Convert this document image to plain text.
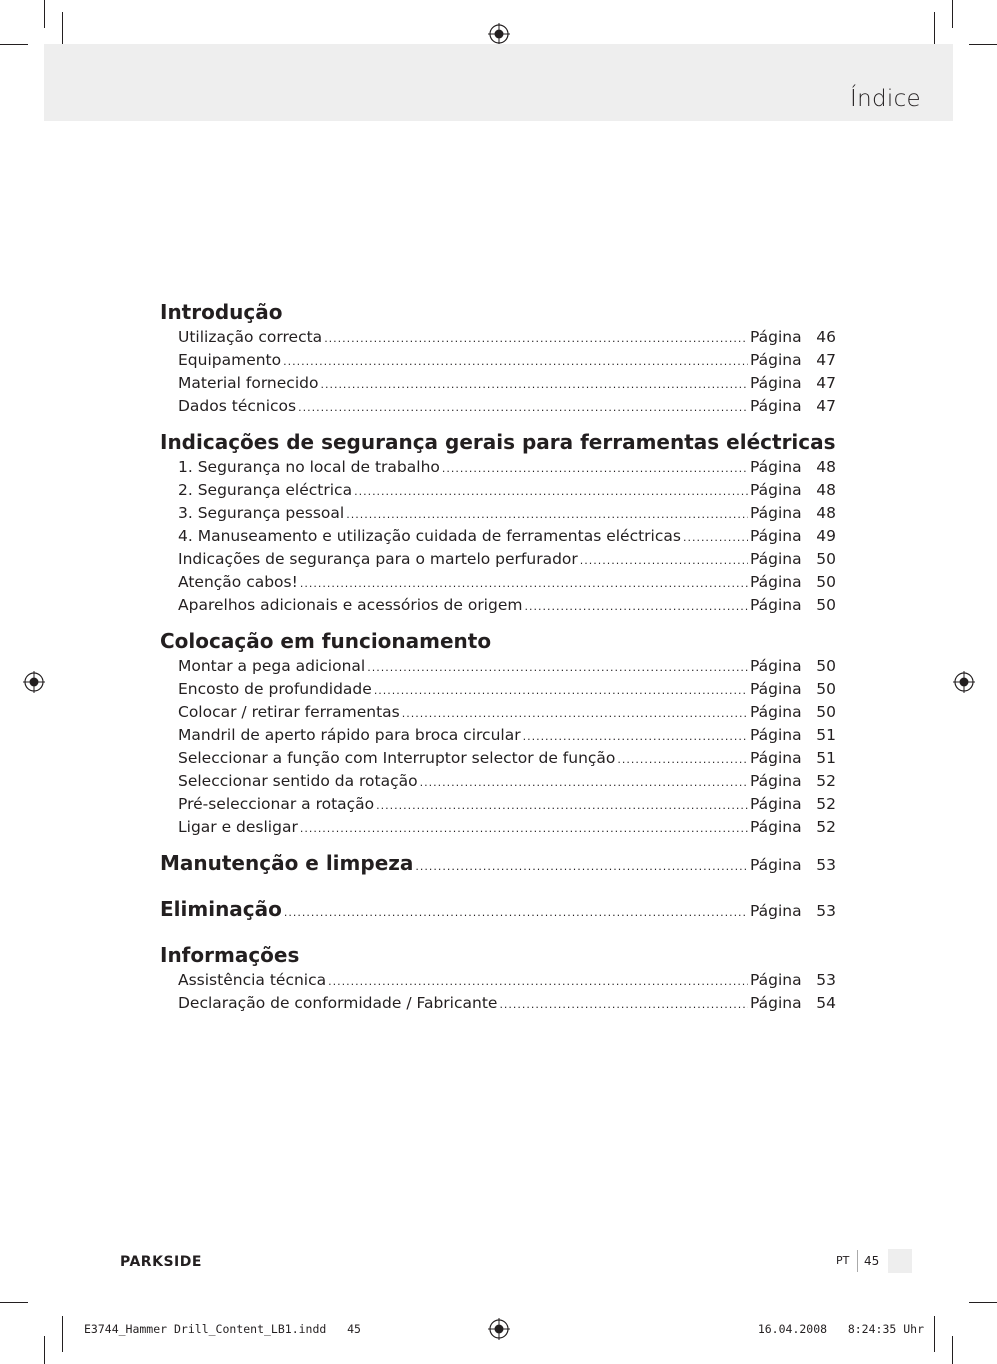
Índice
Introdução
Utilização correcta .....	Página 46
Equipamento .....	Página 47
Material fornecido .....	Página 47
Dados técnicos .....	Página 47
Indicações de segurança gerais para ferramentas eléctricas
1. Segurança no local de trabalho .....	Página 48
2. Segurança eléctrica .....	Página 48
3. Segurança pessoal .....	Página 48
4. Manuseamento e utilização cuidada de ferramentas eléctricas .....	Página 49
Indicações de segurança para o martelo perfurador .....	Página 50
Atenção cabos! .....	Página 50
Aparelhos adicionais e acessórios de origem .....	Página 50
Colocação em funcionamento
Montar a pega adicional .....	Página 50
Encosto de profundidade .....	Página 50
Colocar / retirar ferramentas .....	Página 50
Mandril de aperto rápido para broca circular .....	Página 51
Seleccionar a função com Interruptor selector de função .....	Página 51
Seleccionar sentido da rotação .....	Página 52
Pré-seleccionar a rotação .....	Página 52
Ligar e desligar .....	Página 52
Manutenção e limpeza .....	Página 53
Eliminação .....	Página 53
Informações
Assistência técnica .....	Página 53
Declaração de conformidade / Fabricante .....	Página 54
PARKSIDE	PT 45
E3744_Hammer Drill_Content_LB1.indd   45	16.04.2008   8:24:35 Uhr
